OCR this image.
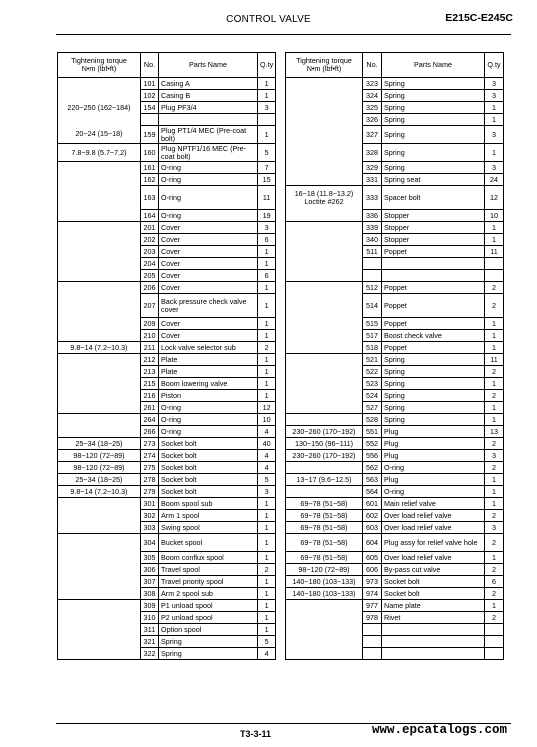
CONTROL VALVE	E215C-E245C
Tightening torque
N•m (lbf•ft)	No.	Parts Name	Q.ty
	101	Casing A	1
	102	Casing B	1
220~250 (162~184)	154	Plug PF3/4	3

20~24 (15~18)	159	Plug PT1/4 MEC (Pre-coat bolt)	1
7.8~9.8 (5.7~7.2)	160	Plug NPTF1/16 MEC (Pre-coat bolt)	5
	161	O-ring	7
	162	O-ring	15
	163	O-ring	11
	164	O-ring	19
	201	Cover	3
	202	Cover	6
	203	Cover	1
	204	Cover	1
	205	Cover	6
	206	Cover	1
	207	Back pressure check valve cover	1
	209	Cover	1
	210	Cover	1
9.8~14 (7.2~10.3)	211	Lock valve selector sub	2
	212	Plate	1
	213	Plate	1
	215	Boom lowering valve	1
	216	Piston	1
	261	O-ring	12
	264	O-ring	10
	266	O-ring	4
25~34 (18~25)	273	Socket bolt	40
98~120 (72~89)	274	Socket bolt	4
98~120 (72~89)	275	Socket bolt	4
25~34 (18~25)	278	Socket bolt	5
9.8~14 (7.2~10.3)	279	Socket bolt	3
	301	Boom spool sub	1
	302	Arm 1 spool	1
	303	Swing spool	1
	304	Bucket spool	1
	305	Boom conflux spool	1
	306	Travel spool	2
	307	Travel priority spool	1
	308	Arm 2 spool sub	1
	309	P1 unload spool	1
	310	P2 unload spool	1
	311	Option spool	1
	321	Spring	5
	322	Spring	4
Tightening torque
N•m (lbf•ft)	No.	Parts Name	Q.ty
	323	Spring	3
	324	Spring	3
	325	Spring	1
	326	Spring	1
	327	Spring	3
	328	Spring	1
	329	Spring	3
	331	Spring seat	24
16~18 (11.8~13.2)
Loctite #262	333	Spacer bolt	12
	336	Stopper	10
	339	Stopper	1
	340	Stopper	1
	511	Poppet	11

	512	Poppet	2
	514	Poppet	2
	515	Poppet	1
	517	Boost check valve	1
	518	Poppet	1
	521	Spring	11
	522	Spring	2
	523	Spring	1
	524	Spring	2
	527	Spring	1
	528	Spring	1
230~260 (170~192)	551	Plug	13
130~150 (96~111)	552	Plug	2
230~260 (170~192)	556	Plug	3
	562	O-ring	2
13~17 (9.6~12.5)	563	Plug	1
	564	O-ring	1
69~78 (51~58)	601	Main relief valve	1
69~78 (51~58)	602	Over load relief valve	2
69~78 (51~58)	603	Over load relief valve	3
69~78 (51~58)	604	Plug assy for relief valve hole	2
69~78 (51~58)	605	Over load relief valve	1
98~120 (72~89)	606	By-pass cut valve	2
140~180 (103~133)	973	Socket bolt	6
140~180 (103~133)	974	Socket bolt	2
	977	Name plate	1
	978	Rivet	2

T3-3-11	www.epcatalogs.com
